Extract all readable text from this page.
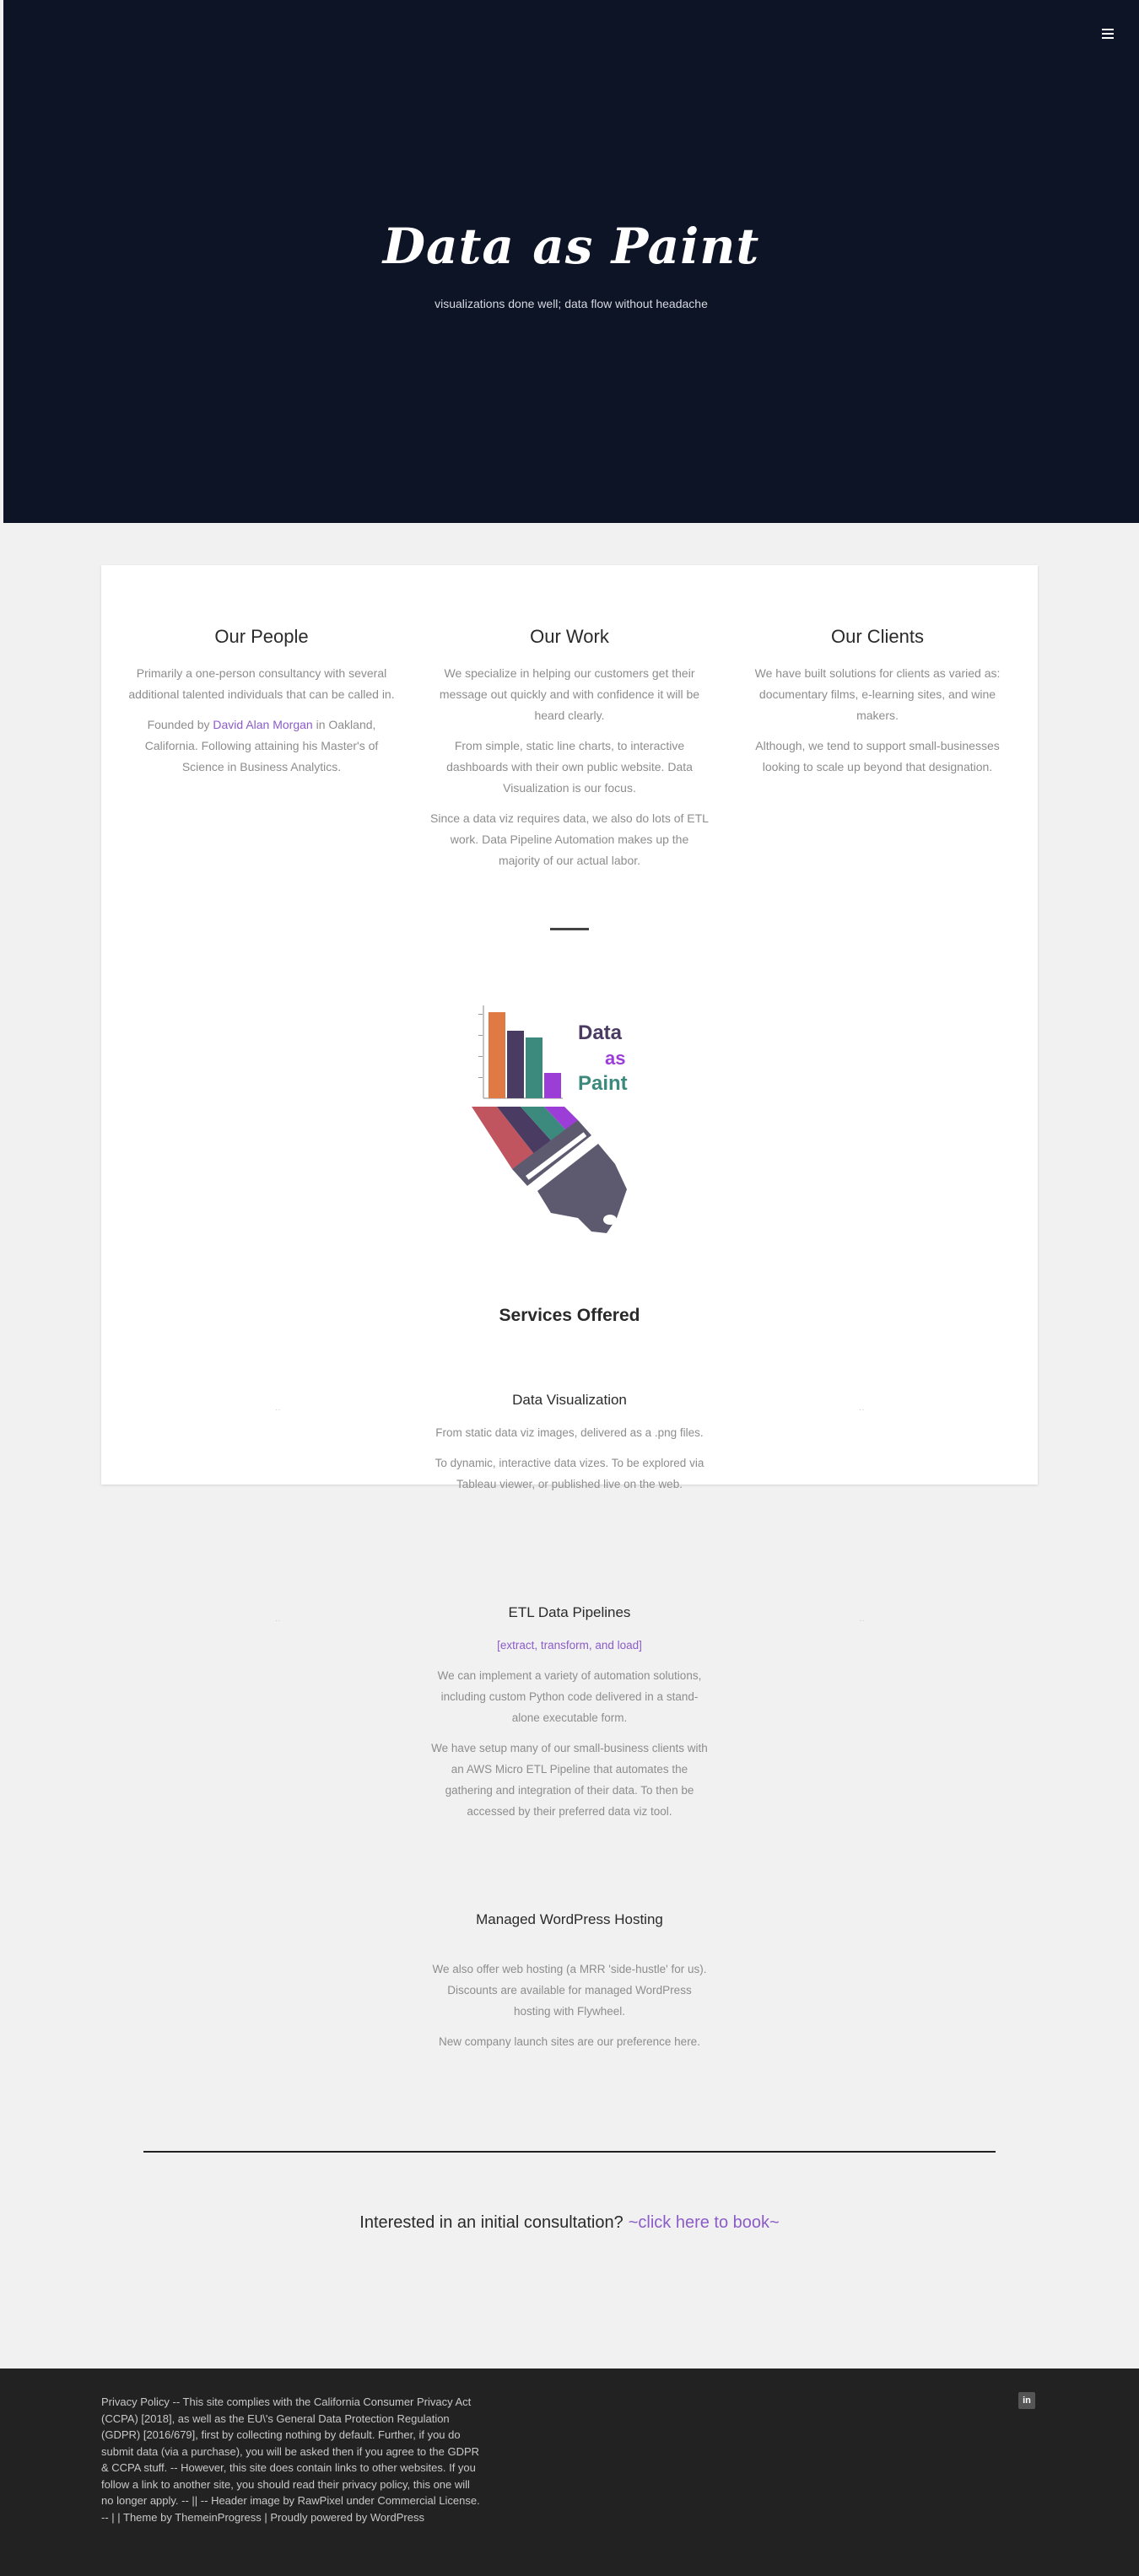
Data as Paint

visualizations done well; data flow without headache

Our People

Primarily a one-person consultancy with several additional talented individuals that can be called in.

Founded by David Alan Morgan in Oakland, California. Following attaining his Master's of Science in Business Analytics.

Our Work

We specialize in helping our customers get their message out quickly and with confidence it will be heard clearly.

From simple, static line charts, to interactive dashboards with their own public website. Data Visualization is our focus.

Since a data viz requires data, we also do lots of ETL work. Data Pipeline Automation makes up the majority of our actual labor.

Our Clients

We have built solutions for clients as varied as: documentary films, e-learning sites, and wine makers.

Although, we tend to support small-businesses looking to scale up beyond that designation.

Data
as
Paint
Services Offered
··	··
Data Visualization

From static data viz images, delivered as a .png files.

To dynamic, interactive data vizes. To be explored via Tableau viewer, or published live on the web.

··	··
ETL Data Pipelines

[extract, transform, and load]

We can implement a variety of automation solutions, including custom Python code delivered in a stand-alone executable form.

We have setup many of our small-business clients with an AWS Micro ETL Pipeline that automates the gathering and integration of their data. To then be accessed by their preferred data viz tool.

Managed WordPress Hosting

We also offer web hosting (a MRR 'side-hustle' for us). Discounts are available for managed WordPress hosting with Flywheel.

New company launch sites are our preference here.

Interested in an initial consultation? ~click here to book~

Privacy Policy -- This site complies with the California Consumer Privacy Act (CCPA) [2018], as well as the EU\'s General Data Protection Regulation (GDPR) [2016/679], first by collecting nothing by default. Further, if you do submit data (via a purchase), you will be asked then if you agree to the GDPR & CCPA stuff. -- However, this site does contain links to other websites. If you follow a link to another site, you should read their privacy policy, this one will no longer apply. -- || -- Header image by RawPixel under Commercial License. -- | | Theme by ThemeinProgress | Proudly powered by WordPress

in
